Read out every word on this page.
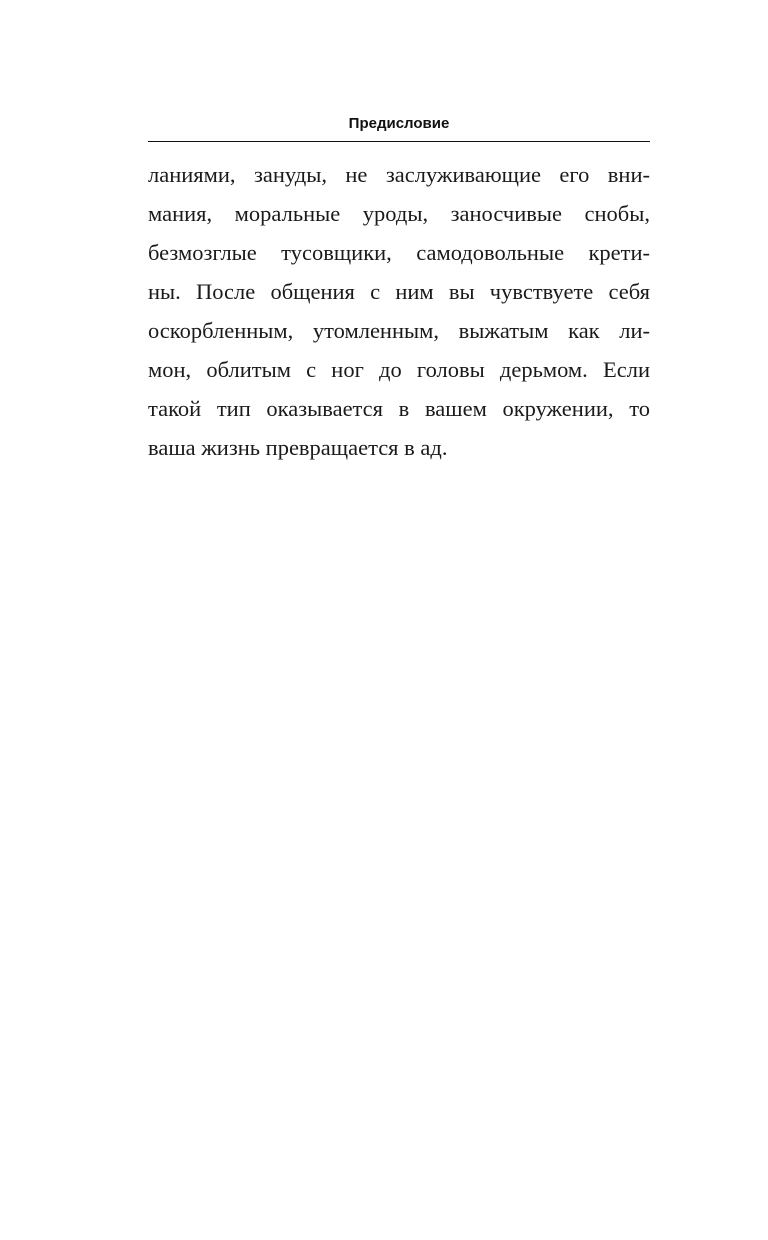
Предисловие
ланиями, зануды, не заслуживающие его вни-
мания, моральные уроды, заносчивые снобы,
безмозглые тусовщики, самодовольные крети-
ны. После общения с ним вы чувствуете себя
оскорбленным, утомленным, выжатым как ли-
мон, облитым с ног до головы дерьмом. Если
такой тип оказывается в вашем окружении, то
ваша жизнь превращается в ад.
